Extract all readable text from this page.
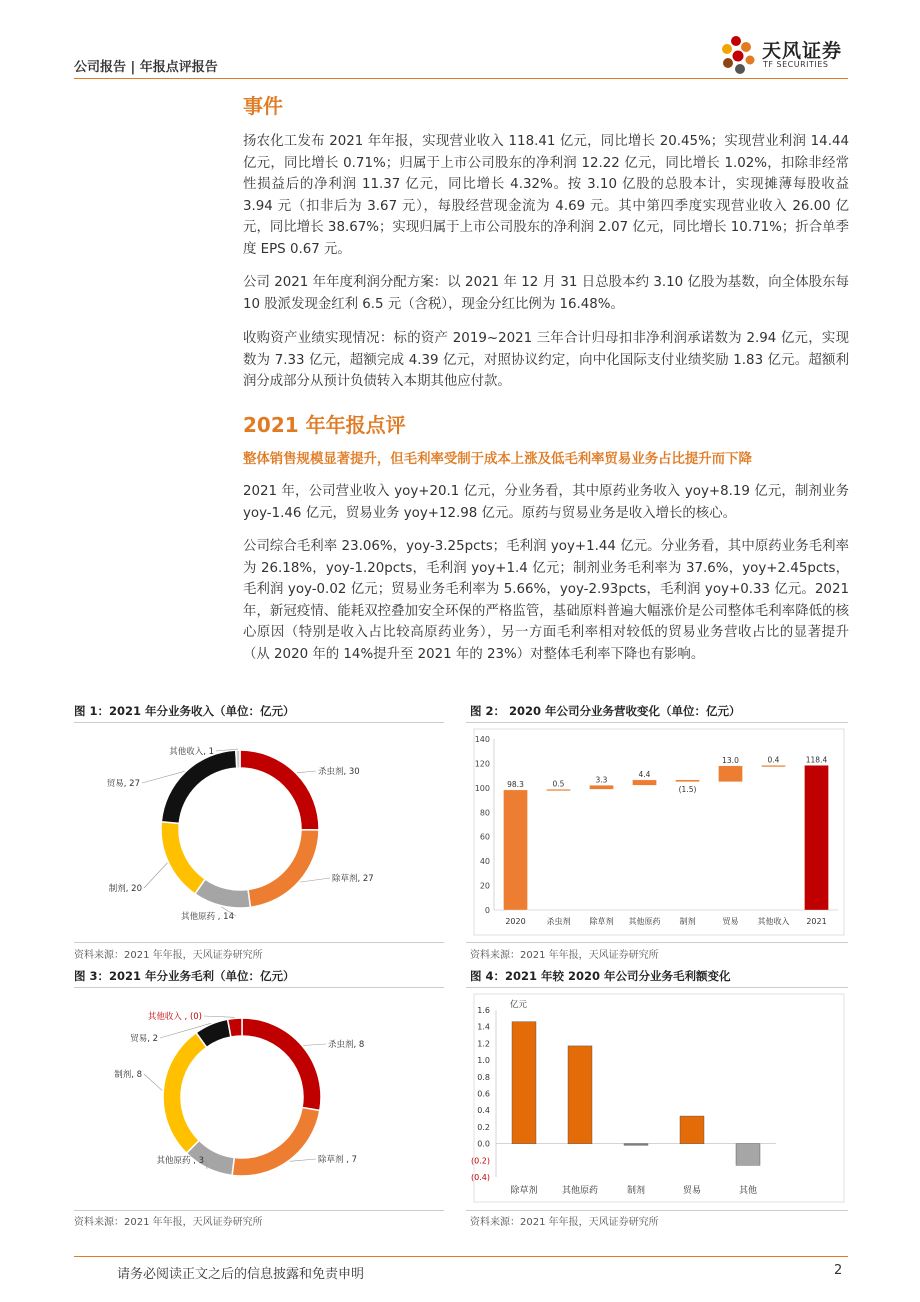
公司报告 | 年报点评报告
天风证券
TF SECURITIES
事件
扬农化工发布 2021 年年报，实现营业收入 118.41 亿元，同比增长 20.45%；实现营业利润 14.44 亿元，同比增长 0.71%；归属于上市公司股东的净利润 12.22 亿元，同比增长 1.02%，扣除非经常性损益后的净利润 11.37 亿元，同比增长 4.32%。按 3.10 亿股的总股本计，实现摊薄每股收益 3.94 元（扣非后为 3.67 元），每股经营现金流为 4.69 元。其中第四季度实现营业收入 26.00 亿元，同比增长 38.67%；实现归属于上市公司股东的净利润 2.07 亿元，同比增长 10.71%；折合单季度 EPS 0.67 元。
公司 2021 年年度利润分配方案：以 2021 年 12 月 31 日总股本约 3.10 亿股为基数，向全体股东每 10 股派发现金红利 6.5 元（含税），现金分红比例为 16.48%。
收购资产业绩实现情况：标的资产 2019~2021 三年合计归母扣非净利润承诺数为 2.94 亿元，实现数为 7.33 亿元，超额完成 4.39 亿元，对照协议约定，向中化国际支付业绩奖励 1.83 亿元。超额利润分成部分从预计负债转入本期其他应付款。
2021 年年报点评
整体销售规模显著提升，但毛利率受制于成本上涨及低毛利率贸易业务占比提升而下降
2021 年，公司营业收入 yoy+20.1 亿元，分业务看，其中原药业务收入 yoy+8.19 亿元，制剂业务 yoy-1.46 亿元，贸易业务 yoy+12.98 亿元。原药与贸易业务是收入增长的核心。
公司综合毛利率 23.06%，yoy-3.25pcts；毛利润 yoy+1.44 亿元。分业务看，其中原药业务毛利率为 26.18%，yoy-1.20pcts，毛利润 yoy+1.4 亿元；制剂业务毛利率为 37.6%，yoy+2.45pcts，毛利润 yoy-0.02 亿元；贸易业务毛利率为 5.66%，yoy-2.93pcts，毛利润 yoy+0.33 亿元。2021 年，新冠疫情、能耗双控叠加安全环保的严格监管，基础原料普遍大幅涨价是公司整体毛利率降低的核心原因（特别是收入占比较高原药业务），另一方面毛利率相对较低的贸易业务营收占比的显著提升（从 2020 年的 14%提升至 2021 年的 23%）对整体毛利率下降也有影响。
图 1：2021 年分业务收入（单位：亿元）
杀虫剂, 30
除草剂, 27
其他原药 , 14
制剂, 20
贸易, 27
其他收入, 1
资料来源：2021 年年报，天风证券研究所
图 2： 2020 年公司分业务营收变化（单位：亿元）
0
20
40
60
80
100
120
140
98.3
2020
0.5
杀虫剂
3.3
除草剂
4.4
其他原药
(1.5)
制剂
13.0
贸易
0.4
其他收入
118.4
2021
资料来源：2021 年年报，天风证券研究所
图 3：2021 年分业务毛利（单位：亿元）
杀虫剂, 8
除草剂 , 7
其他原药 , 3
制剂, 8
贸易, 2
其他收入 , (0)
资料来源：2021 年年报，天风证券研究所
图 4：2021 年较 2020 年公司分业务毛利额变化
亿元
1.6
1.4
1.2
1.0
0.8
0.6
0.4
0.2
0.0
(0.2)
(0.4)
除草剂	其他原药	制剂	贸易	其他
资料来源：2021 年年报，天风证券研究所
请务必阅读正文之后的信息披露和免责申明	2
